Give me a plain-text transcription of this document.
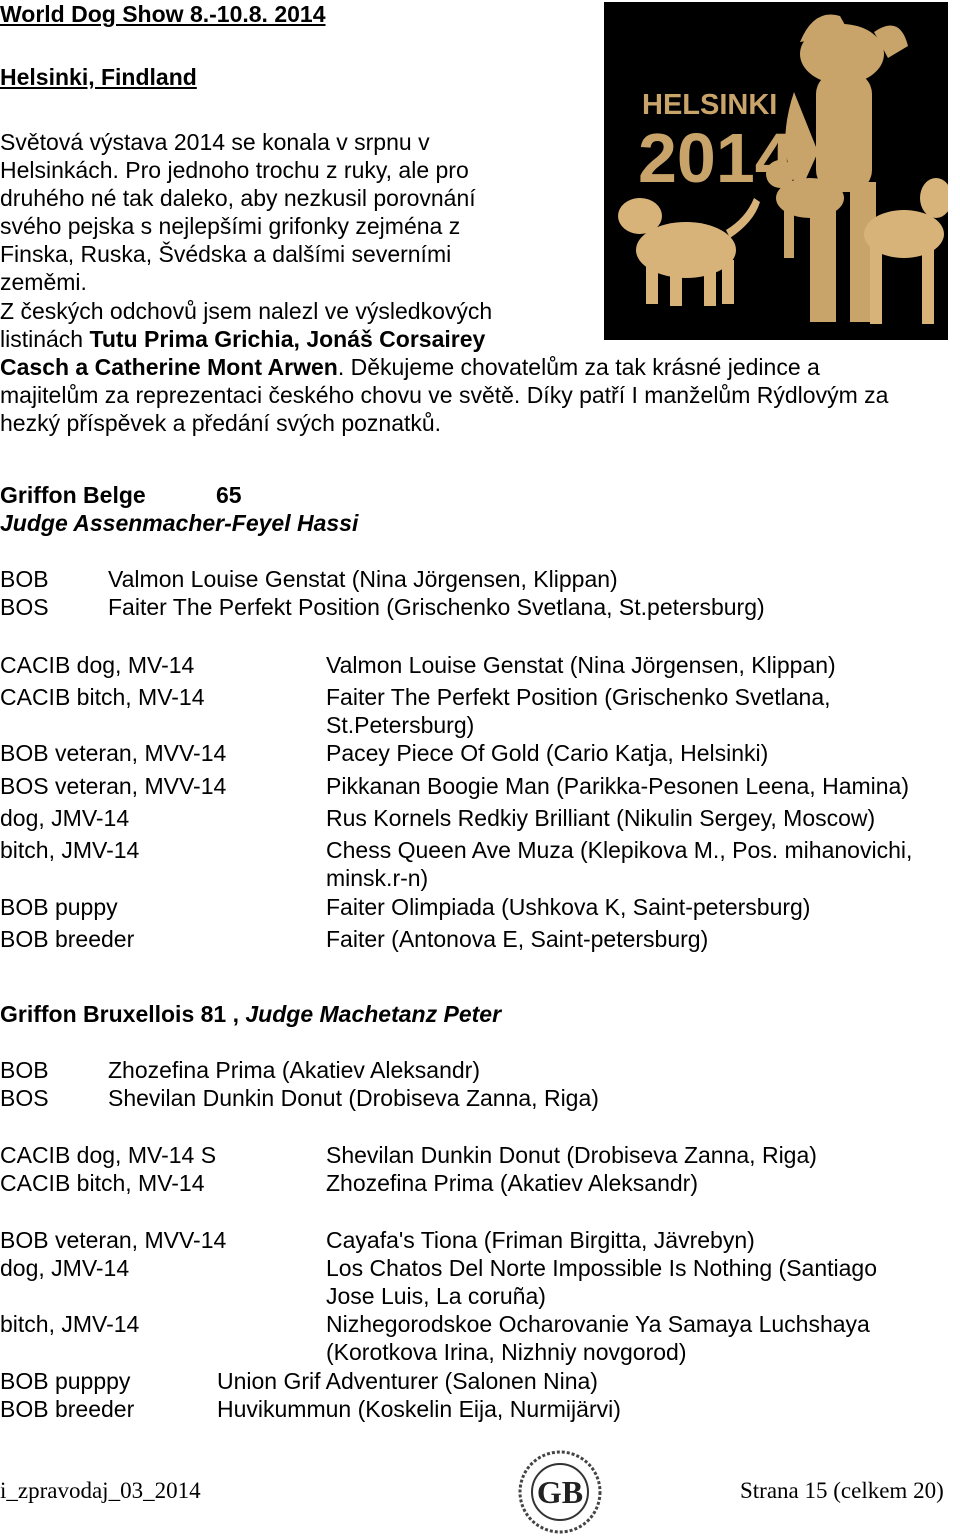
World Dog Show 8.-10.8. 2014
Helsinki, Findland
HELSINKI
2014
Světová výstava 2014 se konala v srpnu v
Helsinkách. Pro jednoho trochu z ruky, ale pro
druhého né tak daleko, aby nezkusil porovnání
svého pejska s nejlepšími grifonky zejména z
Finska, Ruska, Švédska a dalšími severními
zeměmi.
Z českých odchovů jsem nalezl ve výsledkových
listinách Tutu Prima Grichia, Jonáš Corsairey
Casch a Catherine Mont Arwen. Děkujeme chovatelům za tak krásné jedince a
majitelům za reprezentaci českého chovu ve světě. Díky patří I manželům Rýdlovým za
hezký příspěvek a předání svých poznatků.
Griffon Belge	65
Judge Assenmacher-Feyel Hassi
BOB	Valmon Louise Genstat (Nina Jörgensen, Klippan)
BOS	Faiter The Perfekt Position (Grischenko Svetlana, St.petersburg)
CACIB dog, MV-14	Valmon Louise Genstat (Nina Jörgensen, Klippan)
CACIB bitch, MV-14	Faiter The Perfekt Position (Grischenko Svetlana,
St.Petersburg)
BOB veteran, MVV-14	Pacey Piece Of Gold (Cario Katja, Helsinki)
BOS veteran, MVV-14	Pikkanan Boogie Man (Parikka-Pesonen Leena, Hamina)
dog, JMV-14	Rus Kornels Redkiy Brilliant (Nikulin Sergey, Moscow)
bitch, JMV-14	Chess Queen Ave Muza (Klepikova M., Pos. mihanovichi,
minsk.r-n)
BOB puppy	Faiter Olimpiada (Ushkova K, Saint-petersburg)
BOB breeder	Faiter (Antonova E, Saint-petersburg)
Griffon Bruxellois 81 , Judge Machetanz Peter
BOB	Zhozefina Prima (Akatiev Aleksandr)
BOS	Shevilan Dunkin Donut (Drobiseva Zanna, Riga)
CACIB dog, MV-14 S	Shevilan Dunkin Donut (Drobiseva Zanna, Riga)
CACIB bitch, MV-14	Zhozefina Prima (Akatiev Aleksandr)
BOB veteran, MVV-14	Cayafa's Tiona (Friman Birgitta, Jävrebyn)
dog, JMV-14	Los Chatos Del Norte Impossible Is Nothing (Santiago
Jose Luis, La coruña)
bitch, JMV-14	Nizhegorodskoe Ocharovanie Ya Samaya Luchshaya
(Korotkova Irina, Nizhniy novgorod)
BOB pupppy	Union Grif Adventurer (Salonen Nina)
BOB breeder	Huvikummun (Koskelin Eija, Nurmijärvi)
i_zpravodaj_03_2014	GB	Strana 15 (celkem 20)
